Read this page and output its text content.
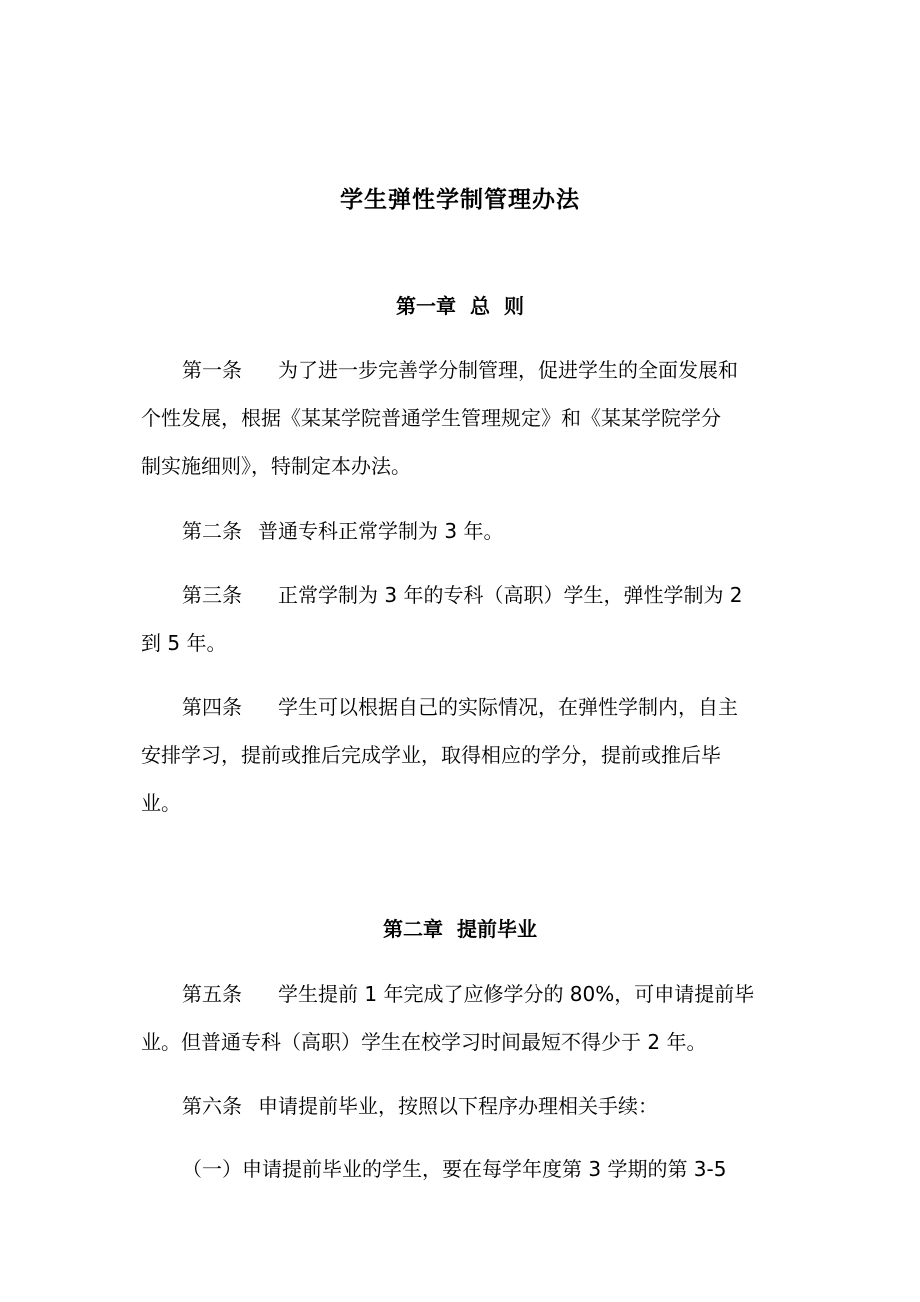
学生弹性学制管理办法
第一章 总  则
第一条 为了进一步完善学分制管理，促进学生的全面发展和
个性发展，根据《某某学院普通学生管理规定》和《某某学院学分
制实施细则》，特制定本办法。
第二条 普通专科正常学制为 3 年。
第三条 正常学制为 3 年的专科（高职）学生，弹性学制为 2
到 5 年。
第四条 学生可以根据自己的实际情况，在弹性学制内，自主
安排学习，提前或推后完成学业，取得相应的学分，提前或推后毕
业。
第二章 提前毕业
第五条 学生提前 1 年完成了应修学分的 80%，可申请提前毕
业。但普通专科（高职）学生在校学习时间最短不得少于 2 年。
第六条 申请提前毕业，按照以下程序办理相关手续：
（一）申请提前毕业的学生，要在每学年度第 3 学期的第 3-5
